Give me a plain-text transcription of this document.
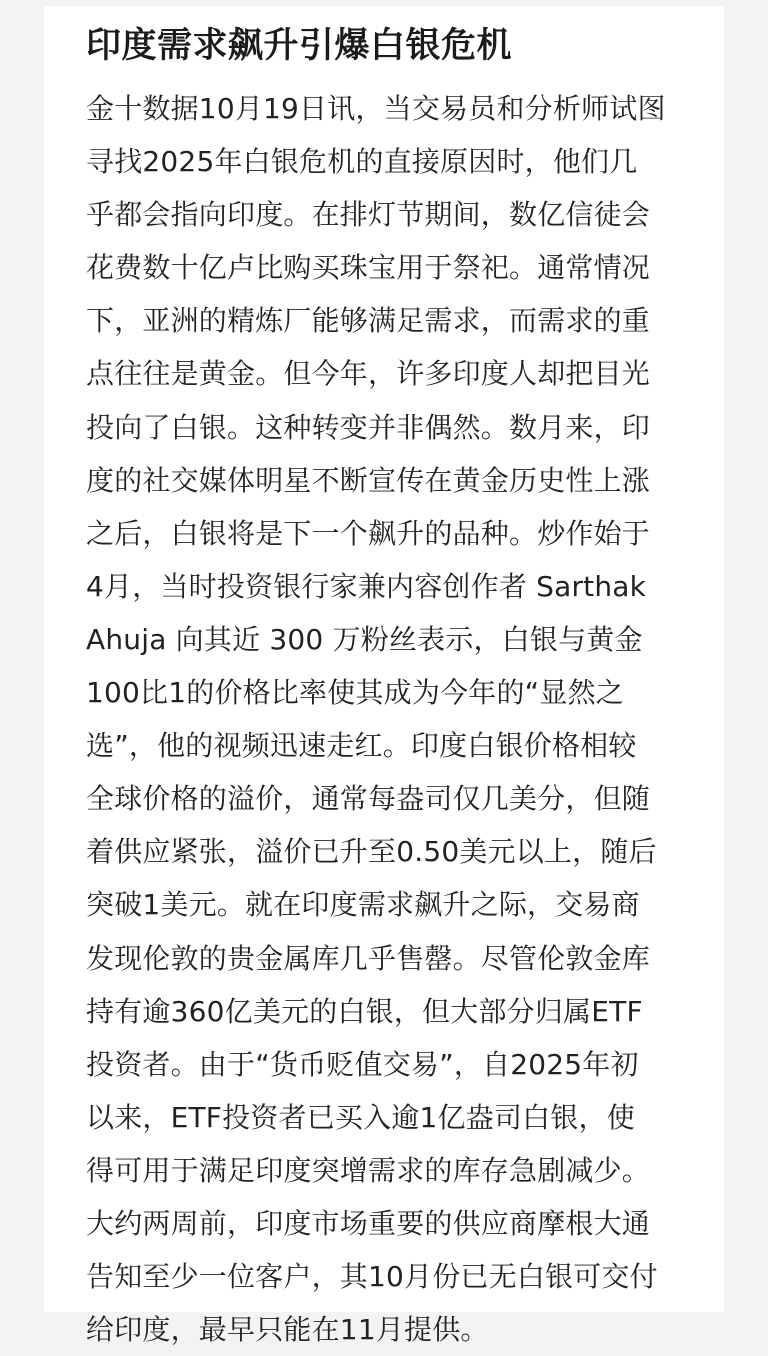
印度需求飙升引爆白银危机
金十数据10月19日讯，当交易员和分析师试图
寻找2025年白银危机的直接原因时，他们几
乎都会指向印度。在排灯节期间，数亿信徒会
花费数十亿卢比购买珠宝用于祭祀。通常情况
下，亚洲的精炼厂能够满足需求，而需求的重
点往往是黄金。但今年，许多印度人却把目光
投向了白银。这种转变并非偶然。数月来，印
度的社交媒体明星不断宣传在黄金历史性上涨
之后，白银将是下一个飙升的品种。炒作始于
4月，当时投资银行家兼内容创作者 Sarthak
Ahuja 向其近 300 万粉丝表示，白银与黄金
100比1的价格比率使其成为今年的“显然之
选”，他的视频迅速走红。印度白银价格相较
全球价格的溢价，通常每盎司仅几美分，但随
着供应紧张，溢价已升至0.50美元以上，随后
突破1美元。就在印度需求飙升之际，交易商
发现伦敦的贵金属库几乎售罄。尽管伦敦金库
持有逾360亿美元的白银，但大部分归属ETF
投资者。由于“货币贬值交易”，自2025年初
以来，ETF投资者已买入逾1亿盎司白银，使
得可用于满足印度突增需求的库存急剧减少。
大约两周前，印度市场重要的供应商摩根大通
告知至少一位客户，其10月份已无白银可交付
给印度，最早只能在11月提供。
